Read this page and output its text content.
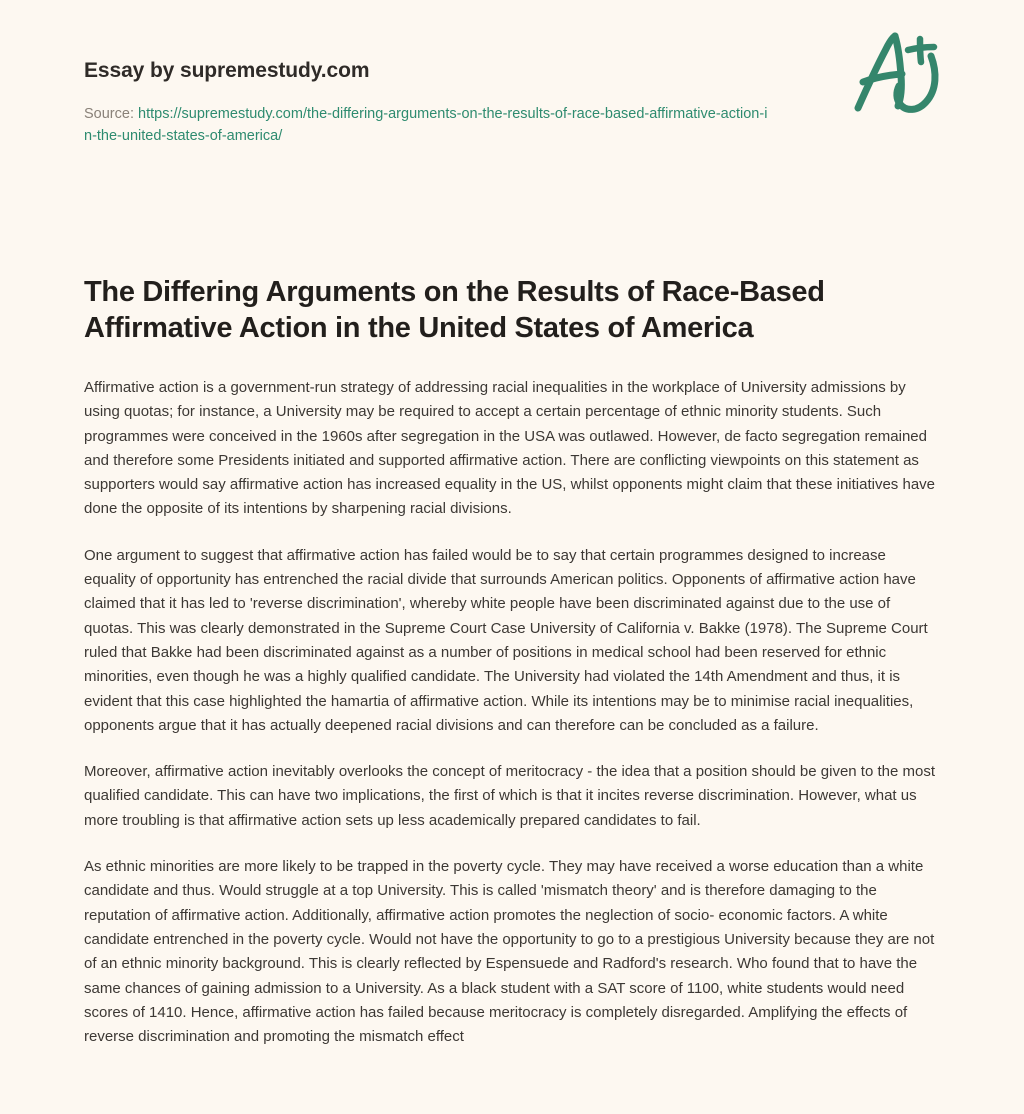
Essay by supremestudy.com
Source: https://supremestudy.com/the-differing-arguments-on-the-results-of-race-based-affirmative-action-in-the-united-states-of-america/
The Differing Arguments on the Results of Race-Based Affirmative Action in the United States of America

Affirmative action is a government-run strategy of addressing racial inequalities in the workplace of University admissions by using quotas; for instance, a University may be required to accept a certain percentage of ethnic minority students. Such programmes were conceived in the 1960s after segregation in the USA was outlawed. However, de facto segregation remained and therefore some Presidents initiated and supported affirmative action. There are conflicting viewpoints on this statement as supporters would say affirmative action has increased equality in the US, whilst opponents might claim that these initiatives have done the opposite of its intentions by sharpening racial divisions.

One argument to suggest that affirmative action has failed would be to say that certain programmes designed to increase equality of opportunity has entrenched the racial divide that surrounds American politics. Opponents of affirmative action have claimed that it has led to 'reverse discrimination', whereby white people have been discriminated against due to the use of quotas. This was clearly demonstrated in the Supreme Court Case University of California v. Bakke (1978). The Supreme Court ruled that Bakke had been discriminated against as a number of positions in medical school had been reserved for ethnic minorities, even though he was a highly qualified candidate. The University had violated the 14th Amendment and thus, it is evident that this case highlighted the hamartia of affirmative action. While its intentions may be to minimise racial inequalities, opponents argue that it has actually deepened racial divisions and can therefore can be concluded as a failure.

Moreover, affirmative action inevitably overlooks the concept of meritocracy - the idea that a position should be given to the most qualified candidate. This can have two implications, the first of which is that it incites reverse discrimination. However, what us more troubling is that affirmative action sets up less academically prepared candidates to fail.

As ethnic minorities are more likely to be trapped in the poverty cycle. They may have received a worse education than a white candidate and thus. Would struggle at a top University. This is called 'mismatch theory' and is therefore damaging to the reputation of affirmative action. Additionally, affirmative action promotes the neglection of socio- economic factors. A white candidate entrenched in the poverty cycle. Would not have the opportunity to go to a prestigious University because they are not of an ethnic minority background. This is clearly reflected by Espensuede and Radford's research. Who found that to have the same chances of gaining admission to a University. As a black student with a SAT score of 1100, white students would need scores of 1410. Hence, affirmative action has failed because meritocracy is completely disregarded. Amplifying the effects of reverse discrimination and promoting the mismatch effect
